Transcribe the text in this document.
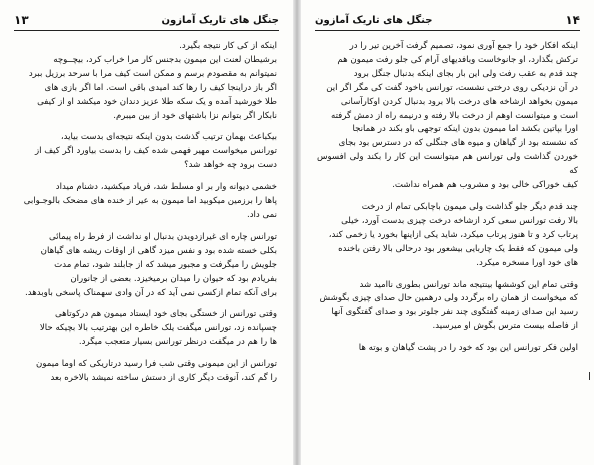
۱۳	جنگل های تاریک آمازون

اینکه از کی کار نتیجه بگیرد.

برشیطان لعنت این میمون بدجنس کار مرا خراب کرد، بیچــوچه

نمیتوانم به مقصودم برسم و ممکن است کیف مرا با سرحد برزیل ببرد

اگر باز دراینجا کیف را رها کند امیدی باقی است. اما اگر بازی های

طلا خورشید آمده و یک سکه طلا عزیز دندان خود میکشد او از کیفی

نابکار اگر بتوانم نزا باشتهای خود از بین میبرم.

بیکباعث بهمان ترتیب گذشت بدون اینکه نتیجه‌ای بدست بیاید،

تورانس میخواست مهیر فهمی شده کیف را بدست بیاورد اگر کیف از

دست برود چه خواهد شد؟

خشمی دیوانه وار بر او مسلط شد، فریاد میکشید، دشنام میداد

پاها را برزمین میکوبید اما میمون به عیر از خنده های مضحک بالوجـوابی

نمی داد.

تورانس چاره ای غیرازدویدن بدنبال او نداشت از فرط راه پیمائی

بکلی خسته شده بود و نفس میزد گاهی از اوقات ریشه های گیاهان

جلویش را میگرفت و مجبور میشد که از جابلند شود، تمام مدت

بفریادم بود که حیوان را میدان برمیخیزد. بعضی از جانوران

برای آنکه تمام ازکسی نمی آید که در آن وادی سهمناک پاسخی باوبدهد.

وقتی تورانس از خستگی بجای خود ایستاد میمون هم درکوتاهی

چسپانده زد، تورانس میگفت یلک خاطره این بهترتیب بالا بچیکه حالا

ها را هم در میگفت درنظر تورانس بسیار متعجب میگرد.

تورانس از این میمونی وقتی شب فرا رسید درتاریکی که اوما میمون

را گم کند، آنوقت دیگر کاری از دستش ساخته نمیشد بالاخره بعد

جنگل های تاریک آمازون	۱۴

اینکه افکار خود را جمع آوری نمود، تصمیم گرفت آخرین تیر را در

ترکش بگذارد، او جانوخاست وبافدیهای آرام کی جلو رفت میمون هم

چند قدم به عقب رفت ولی این بار بجای اینکه بدنبال جنگل برود

در آن نزدیکی روی درختی نشست، تورانس باخود گفت کی مگر اگر این

میمون بخواهد ازشاخه های درخت بالا برود بدنبال کردن اوکارآسانی

است و میتوانست اوهم از درخت بالا رفته و درنیمه راه از دمش گرفته

اورا بپاتین بکشد اما میمون بدون اینکه توجهی باو بکند در همانجا

که نشسته بود از گیاهان و میوه های جنگلی که در دسترس بود بجای

خوردن گذاشت ولی تورانس هم میتوانست این کار را بکند ولی افسوس که

کیف خوراکی خالی بود و مشروب هم همراه نداشت.

چند قدم دیگر جلو گذاشت ولی میمون باچابکی تمام از درخت

بالا رفت تورانس سعی کرد ازشاخه درخت چیزی بدست آورد، خیلی

پرتاب کرد و تا هنوز پرتاب میکرد، شاید یکی ازاینها بخورد یا زخمی کند،

ولی میمون که فقط یک چاربایی بیشعور بود درحالی بالا رفتن باخنده

های خود اورا مسخره میکرد.

وقتی تمام این کوششها بینتیجه ماند تورانس بطوری ناامید شد

که میخواست از همان راه برگردد ولی درهمین حال صدای چیزی بگوشش

رسید این صدای زمینه گفتگوی چند نفر جلوتر بود و صدای گفتگوی آنها

از فاصله بیست مترس بگوش او میرسید.

اولین فکر تورانس این بود که خود را در پشت گیاهان و بوته ها
